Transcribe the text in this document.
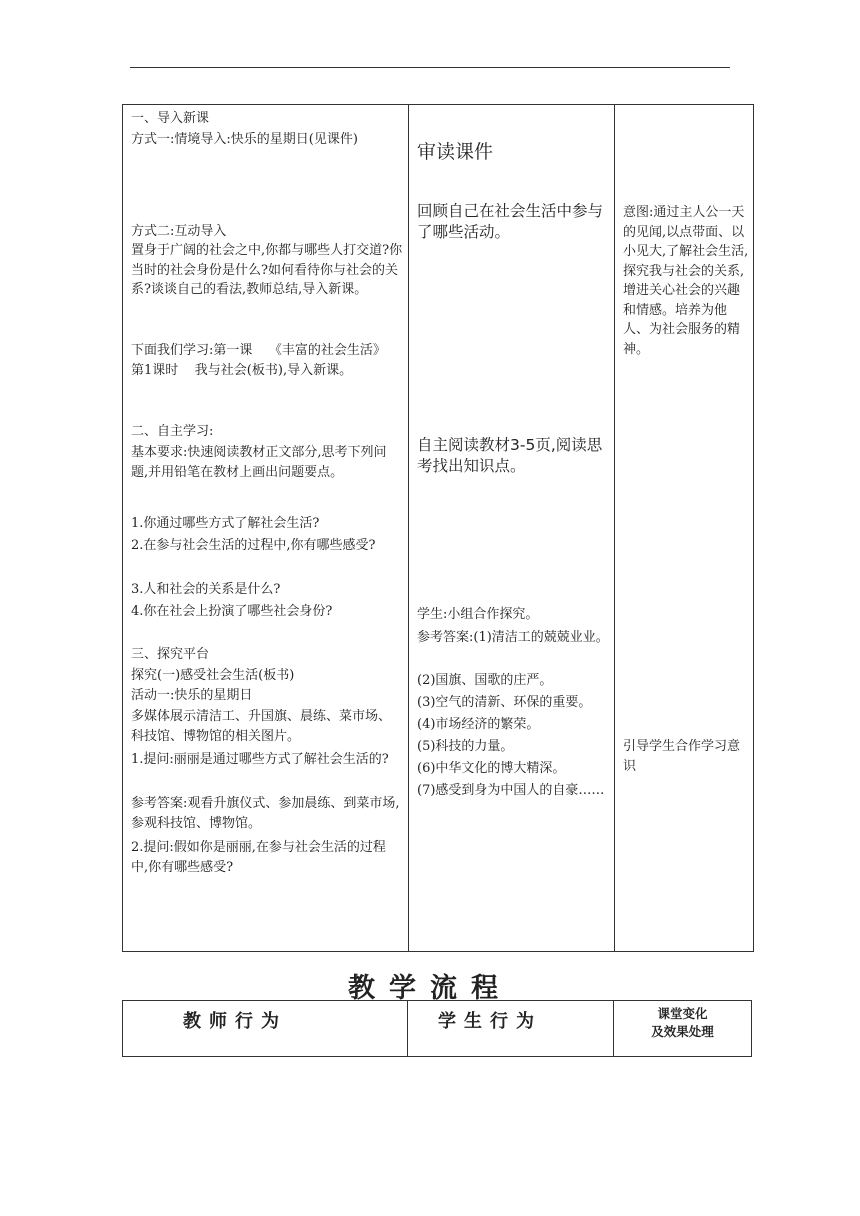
一、导入新课
方式一:情境导入:快乐的星期日(见课件)
方式二:互动导入
置身于广阔的社会之中,你都与哪些人打交道?你当时的社会身份是什么?如何看待你与社会的关系?谈谈自己的看法,教师总结,导入新课。
下面我们学习:第一课    《丰富的社会生活》    第1课时    我与社会(板书),导入新课。
二、自主学习:
基本要求:快速阅读教材正文部分,思考下列问题,并用铅笔在教材上画出问题要点。
1.你通过哪些方式了解社会生活?
2.在参与社会生活的过程中,你有哪些感受?
3.人和社会的关系是什么?
4.你在社会上扮演了哪些社会身份?
三、探究平台
探究(一)感受社会生活(板书)
活动一:快乐的星期日
多媒体展示清洁工、升国旗、晨练、菜市场、科技馆、博物馆的相关图片。
1.提问:丽丽是通过哪些方式了解社会生活的?
参考答案:观看升旗仪式、参加晨练、到菜市场,参观科技馆、博物馆。
2.提问:假如你是丽丽,在参与社会生活的过程中,你有哪些感受?
审读课件
回顾自己在社会生活中参与了哪些活动。
自主阅读教材3-5页,阅读思考找出知识点。
学生:小组合作探究。
参考答案:(1)清洁工的兢兢业业。
(2)国旗、国歌的庄严。
(3)空气的清新、环保的重要。
(4)市场经济的繁荣。
(5)科技的力量。
(6)中华文化的博大精深。
(7)感受到身为中国人的自豪……
意图:通过主人公一天的见闻,以点带面、以小见大,了解社会生活,探究我与社会的关系,增进关心社会的兴趣和情感。培养为他人、为社会服务的精神。
引导学生合作学习意识
教学流程
教师行为	学生行为	课堂变化
及效果处理
